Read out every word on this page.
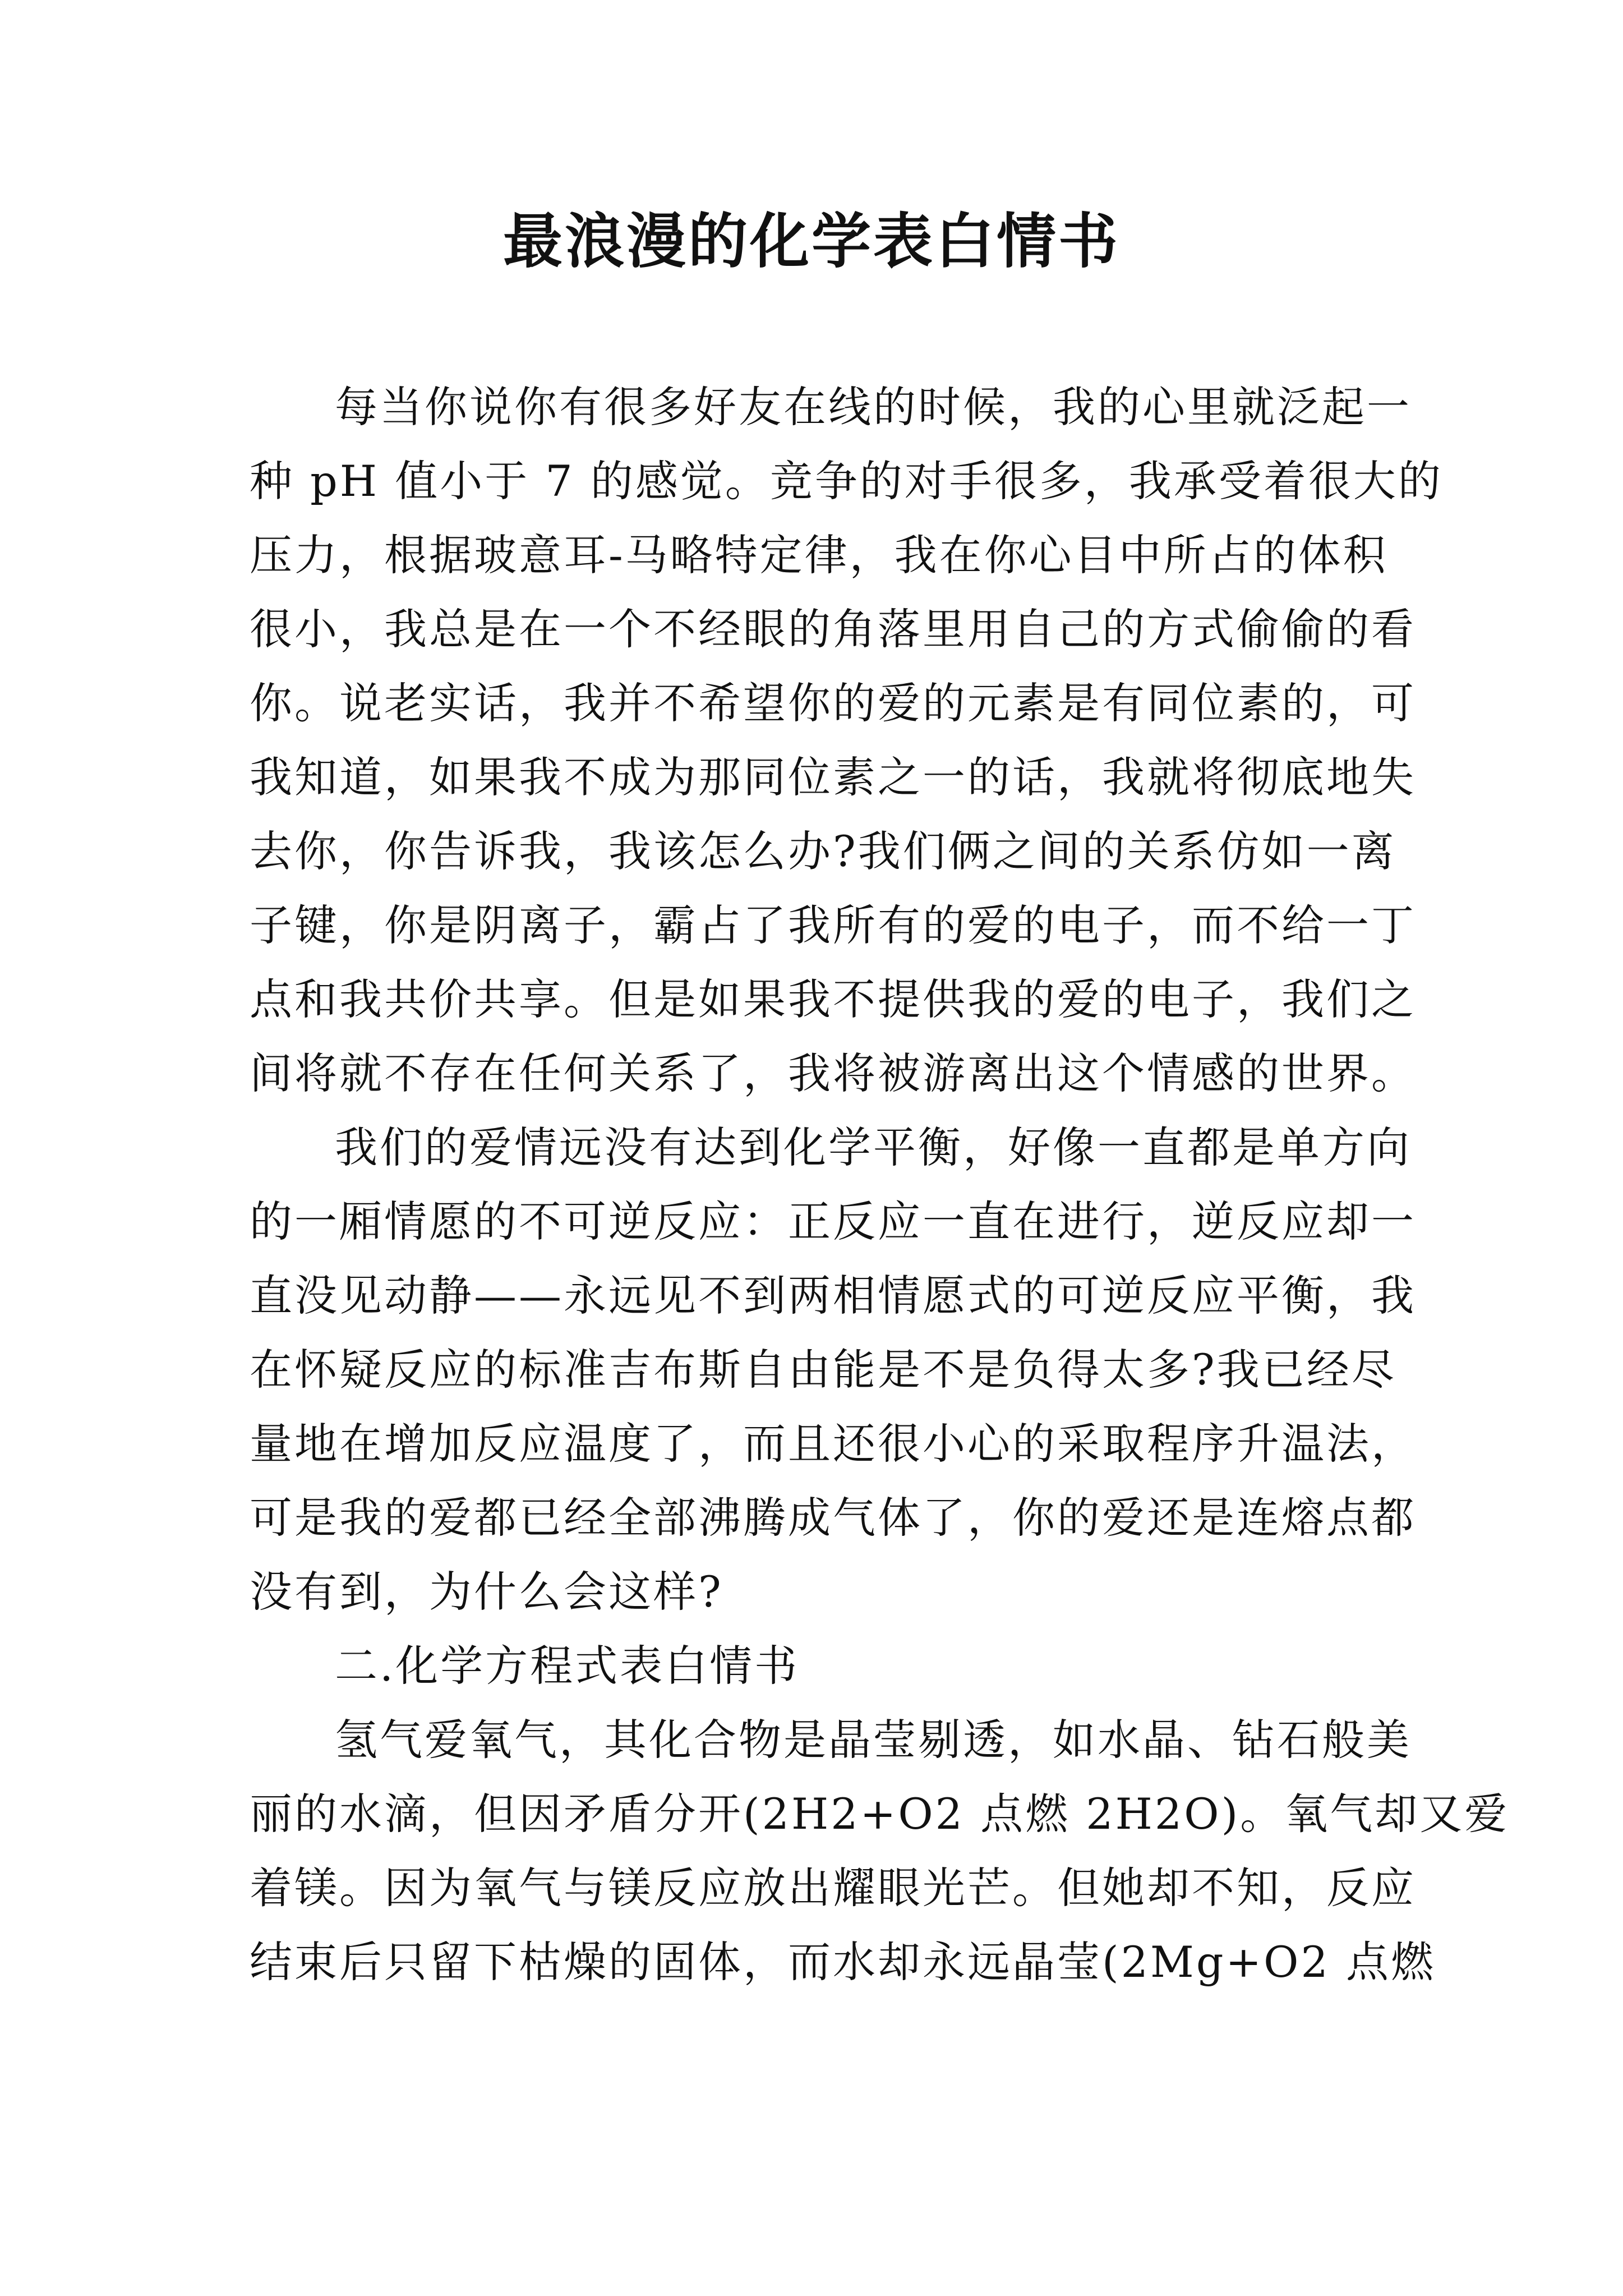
最浪漫的化学表白情书
每当你说你有很多好友在线的时候，我的心里就泛起一
种 pH 值小于 7 的感觉。竞争的对手很多，我承受着很大的
压力，根据玻意耳-马略特定律，我在你心目中所占的体积
很小，我总是在一个不经眼的角落里用自己的方式偷偷的看
你。说老实话，我并不希望你的爱的元素是有同位素的，可
我知道，如果我不成为那同位素之一的话，我就将彻底地失
去你，你告诉我，我该怎么办?我们俩之间的关系仿如一离
子键，你是阴离子，霸占了我所有的爱的电子，而不给一丁
点和我共价共享。但是如果我不提供我的爱的电子，我们之
间将就不存在任何关系了，我将被游离出这个情感的世界。
我们的爱情远没有达到化学平衡，好像一直都是单方向
的一厢情愿的不可逆反应：正反应一直在进行，逆反应却一
直没见动静——永远见不到两相情愿式的可逆反应平衡，我
在怀疑反应的标准吉布斯自由能是不是负得太多?我已经尽
量地在增加反应温度了，而且还很小心的采取程序升温法，
可是我的爱都已经全部沸腾成气体了，你的爱还是连熔点都
没有到，为什么会这样?
二.化学方程式表白情书
氢气爱氧气，其化合物是晶莹剔透，如水晶、钻石般美
丽的水滴，但因矛盾分开(2H2+O2 点燃 2H2O)。氧气却又爱
着镁。因为氧气与镁反应放出耀眼光芒。但她却不知，反应
结束后只留下枯燥的固体，而水却永远晶莹(2Mg+O2 点燃
